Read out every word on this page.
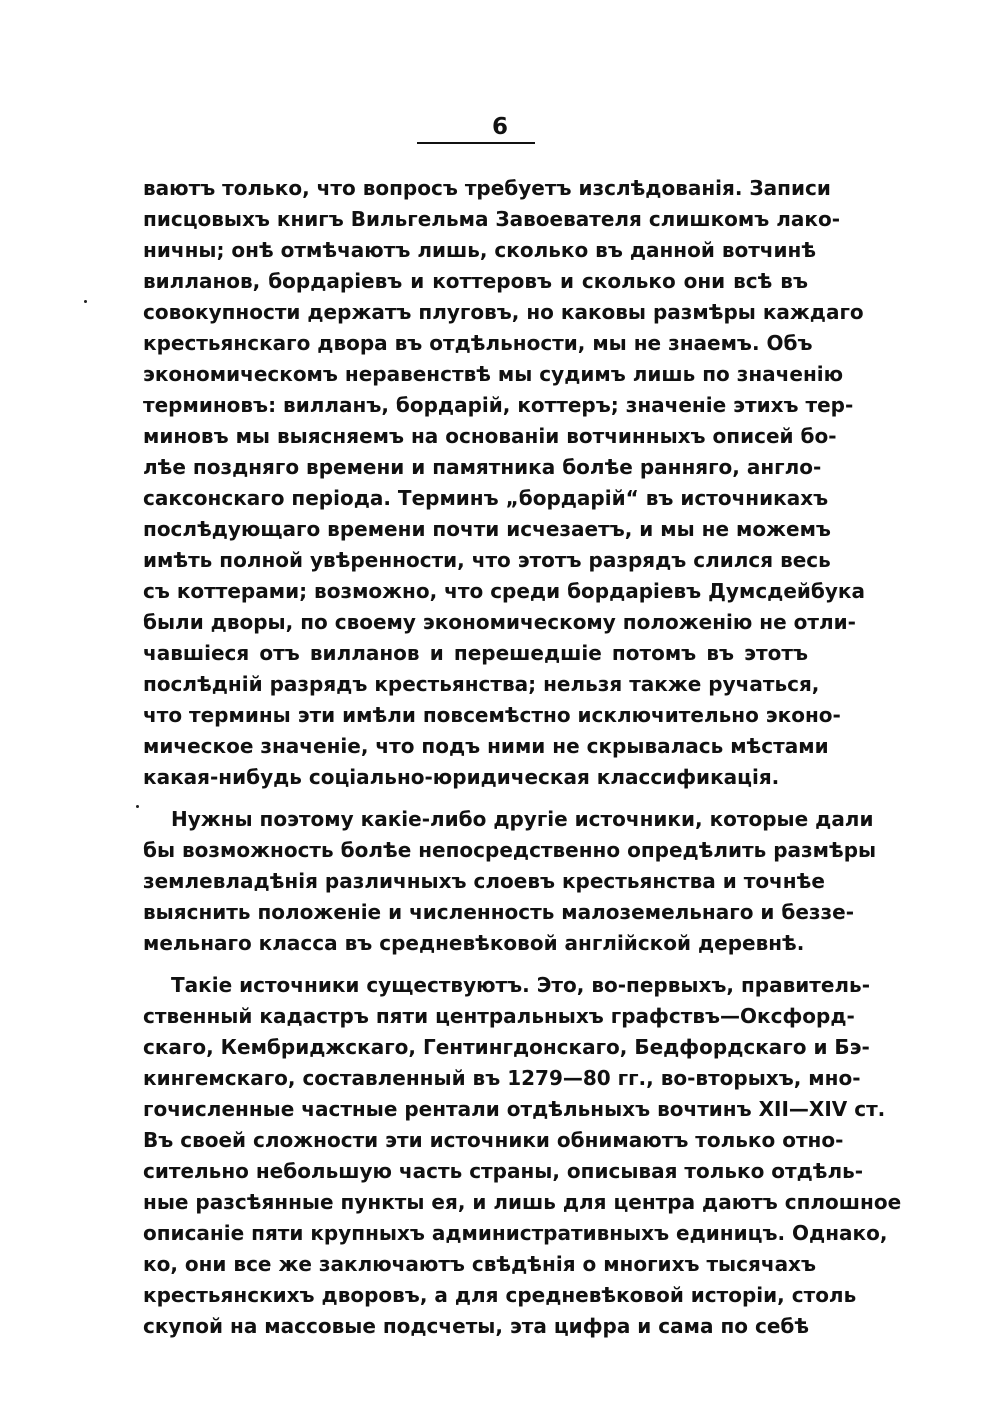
6
ваютъ только, что вопросъ требуетъ изслѣдованія. Записи
писцовыхъ книгъ Вильгельма Завоевателя слишкомъ лако-
ничны; онѣ отмѣчаютъ лишь, сколько въ данной вотчинѣ
вилланов, бордаріевъ и коттеровъ и сколько они всѣ въ
совокупности держатъ плуговъ, но каковы размѣры каждаго
крестьянскаго двора въ отдѣльности, мы не знаемъ. Объ
экономическомъ неравенствѣ мы судимъ лишь по значенію
терминовъ: вилланъ, бордарій, коттеръ; значеніе этихъ тер-
миновъ мы выясняемъ на основаніи вотчинныхъ описей бо-
лѣе поздняго времени и памятника болѣе ранняго, англо-
саксонскаго періода. Терминъ „бордарій“ въ источникахъ
послѣдующаго времени почти исчезаетъ, и мы не можемъ
имѣть полной увѣренности, что этотъ разрядъ слился весь
съ коттерами; возможно, что среди бордаріевъ Думсдейбука
были дворы, по своему экономическому положенію не отли-
чавшіеся отъ вилланов и перешедшіе потомъ въ этотъ
послѣдній разрядъ крестьянства; нельзя также ручаться,
что термины эти имѣли повсемѣстно исключительно эконо-
мическое значеніе, что подъ ними не скрывалась мѣстами
какая-нибудь соціально-юридическая классификація.
Нужны поэтому какіе-либо другіе источники, которые дали
бы возможность болѣе непосредственно опредѣлить размѣры
землевладѣнія различныхъ слоевъ крестьянства и точнѣе
выяснить положеніе и численность малоземельнаго и беззе-
мельнаго класса въ средневѣковой англійской деревнѣ.
Такіе источники существуютъ. Это, во-первыхъ, правитель-
ственный кадастръ пяти центральныхъ графствъ—Оксфорд-
скаго, Кембриджскаго, Гентингдонскаго, Бедфордскаго и Бэ-
кингемскаго, составленный въ 1279—80 гг., во-вторыхъ, мно-
гочисленные частные рентали отдѣльныхъ вочтинъ XII—XIV ст.
Въ своей сложности эти источники обнимаютъ только отно-
сительно небольшую часть страны, описывая только отдѣль-
ные разсѣянные пункты ея, и лишь для центра даютъ сплошное
описаніе пяти крупныхъ административныхъ единицъ. Однако,
ко, они все же заключаютъ свѣдѣнія о многихъ тысячахъ
крестьянскихъ дворовъ, а для средневѣковой исторіи, столь
скупой на массовые подсчеты, эта цифра и сама по себѣ
